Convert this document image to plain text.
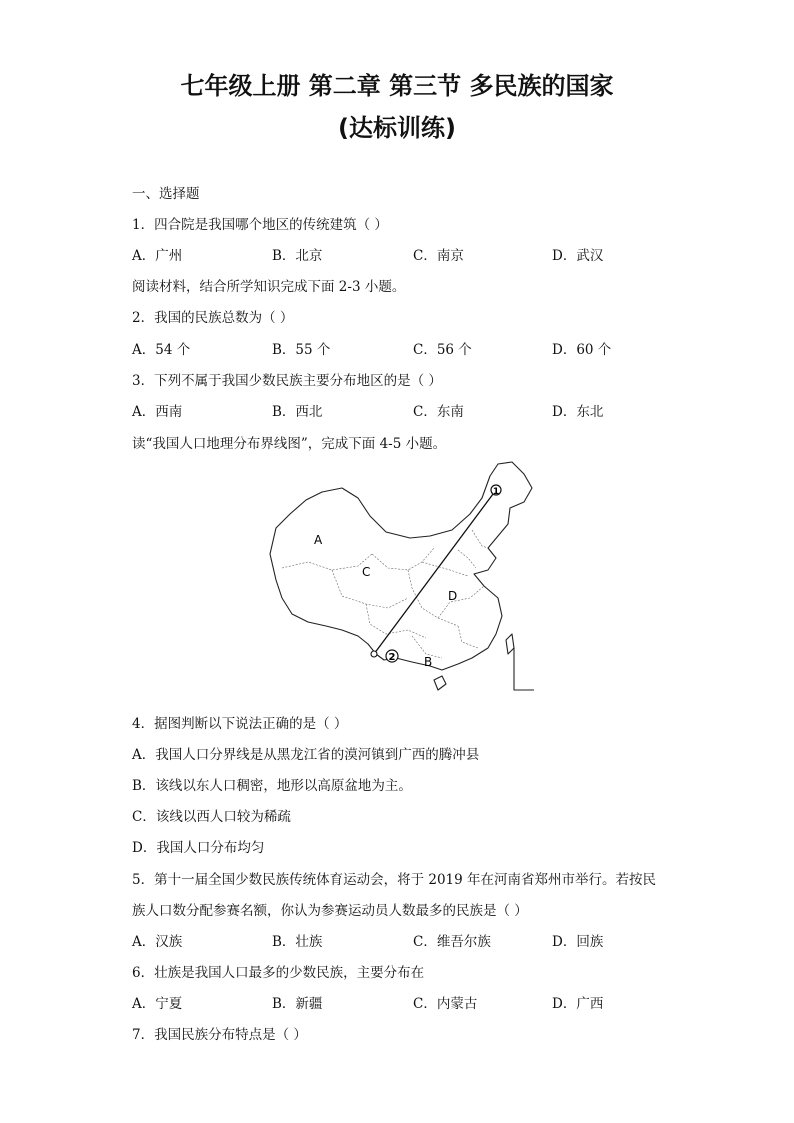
七年级上册 第二章 第三节 多民族的国家
(达标训练)
一、选择题
1．四合院是我国哪个地区的传统建筑（ ）
A．广州	B．北京	C．南京	D．武汉
阅读材料，结合所学知识完成下面 2-3 小题。
2．我国的民族总数为（ ）
A．54 个	B．55 个	C．56 个	D．60 个
3．下列不属于我国少数民族主要分布地区的是（ ）
A．西南	B．西北	C．东南	D．东北
读“我国人口地理分布界线图”，完成下面 4-5 小题。
1
2
A
B
C
D
4．据图判断以下说法正确的是（ ）
A．我国人口分界线是从黑龙江省的漠河镇到广西的腾冲县
B．该线以东人口稠密，地形以高原盆地为主。
C．该线以西人口较为稀疏
D．我国人口分布均匀
5．第十一届全国少数民族传统体育运动会，将于 2019 年在河南省郑州市举行。若按民
族人口数分配参赛名额，你认为参赛运动员人数最多的民族是（ ）
A．汉族	B．壮族	C．维吾尔族	D．回族
6．壮族是我国人口最多的少数民族，主要分布在
A．宁夏	B．新疆	C．内蒙古	D．广西
7．我国民族分布特点是（ ）
